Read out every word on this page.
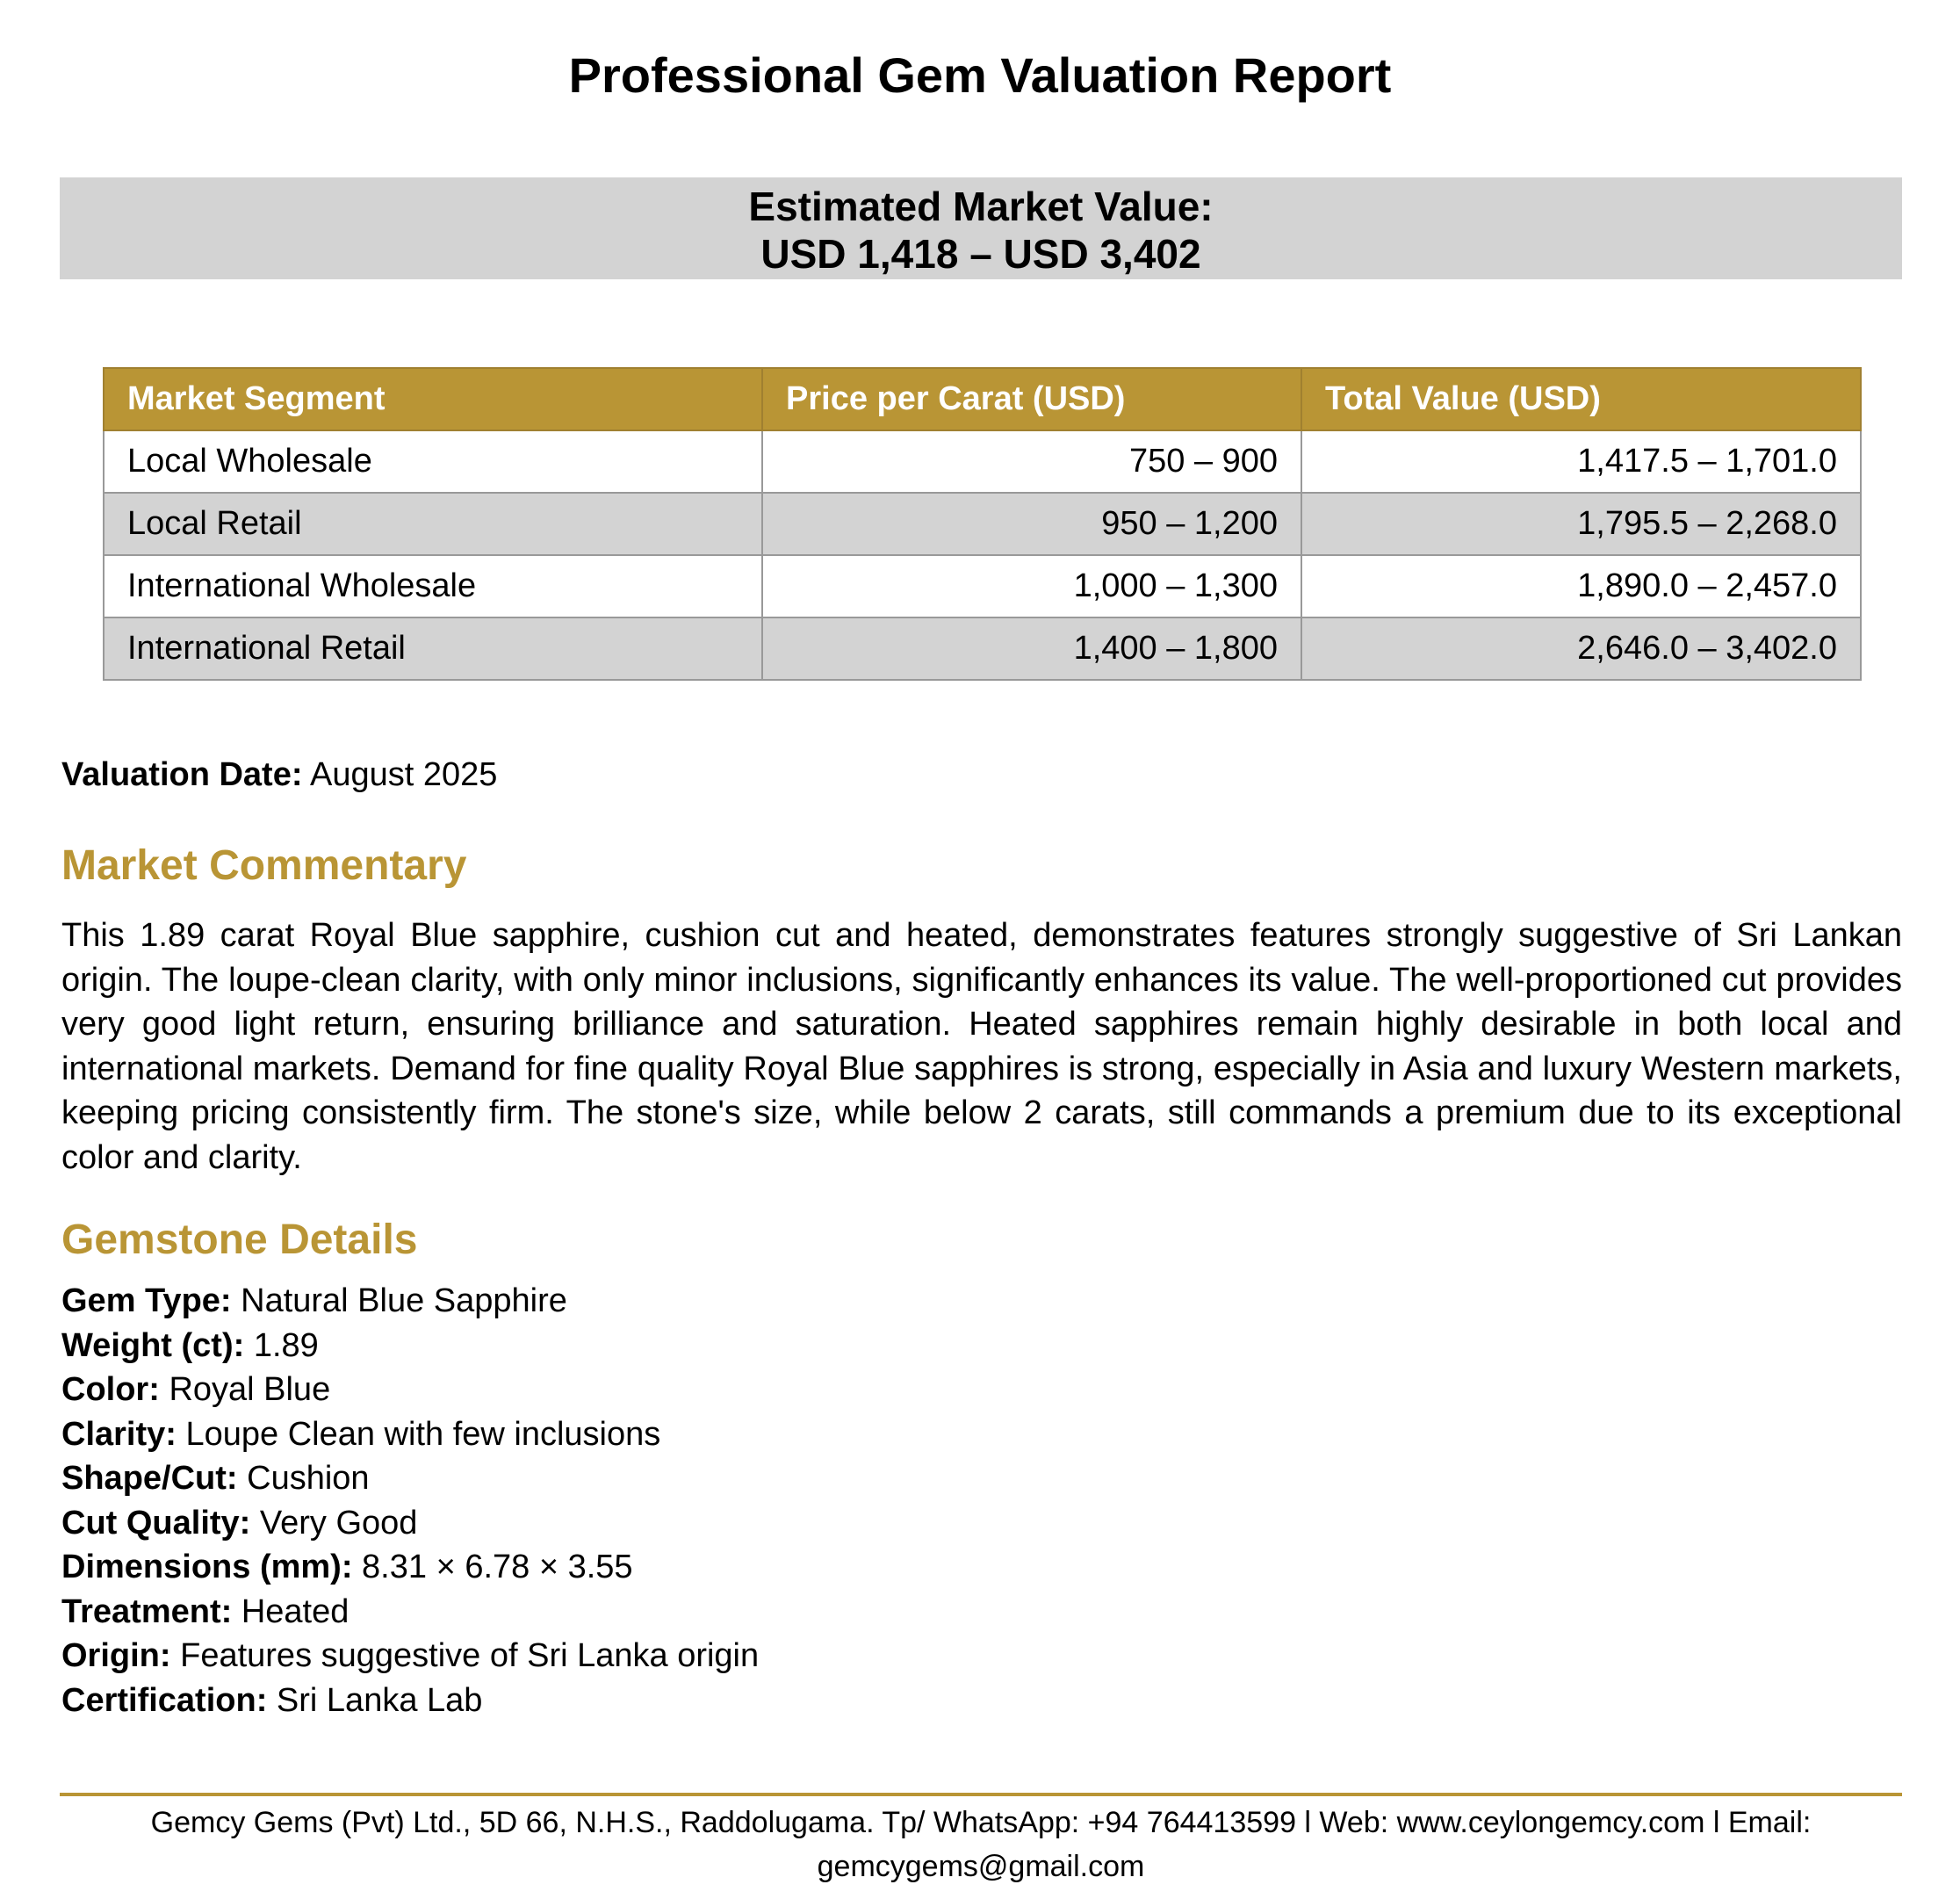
Professional Gem Valuation Report
Estimated Market Value:
USD 1,418 – USD 3,402
Market Segment	Price per Carat (USD)	Total Value (USD)
Local Wholesale	750 – 900	1,417.5 – 1,701.0
Local Retail	950 – 1,200	1,795.5 – 2,268.0
International Wholesale	1,000 – 1,300	1,890.0 – 2,457.0
International Retail	1,400 – 1,800	2,646.0 – 3,402.0
Valuation Date: August 2025
Market Commentary

This 1.89 carat Royal Blue sapphire, cushion cut and heated, demonstrates features strongly suggestive of Sri Lankan origin. The loupe-clean clarity, with only minor inclusions, significantly enhances its value. The well-proportioned cut provides very good light return, ensuring brilliance and saturation. Heated sapphires remain highly desirable in both local and international markets. Demand for fine quality Royal Blue sapphires is strong, especially in Asia and luxury Western markets, keeping pricing consistently firm. The stone's size, while below 2 carats, still commands a premium due to its exceptional color and clarity.

Gemstone Details
Gem Type: Natural Blue Sapphire
Weight (ct): 1.89
Color: Royal Blue
Clarity: Loupe Clean with few inclusions
Shape/Cut: Cushion
Cut Quality: Very Good
Dimensions (mm): 8.31 × 6.78 × 3.55
Treatment: Heated
Origin: Features suggestive of Sri Lanka origin
Certification: Sri Lanka Lab
Gemcy Gems (Pvt) Ltd., 5D 66, N.H.S., Raddolugama. Tp/ WhatsApp: +94 764413599 l Web: www.ceylongemcy.com l Email:
gemcygems@gmail.com
